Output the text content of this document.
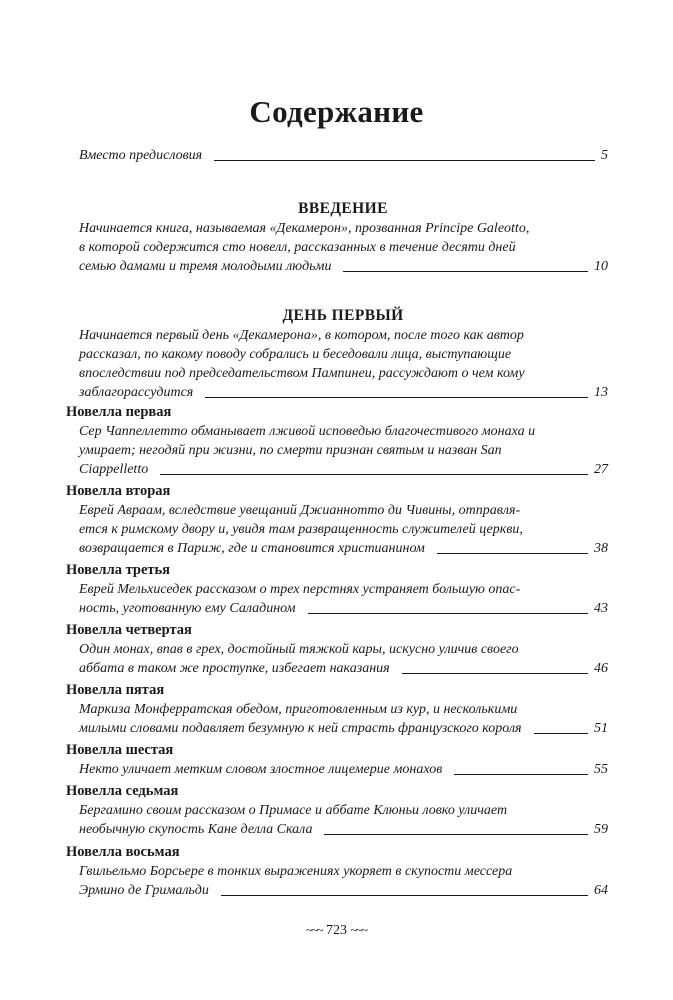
Содержание
Вместо предисловия	5
ВВЕДЕНИЕ
Начинается книга, называемая «Декамерон», прозванная Principe Galeotto,
в которой содержится сто новелл, рассказанных в течение десяти дней
семью дамами и тремя молодыми людьми	10
ДЕНЬ ПЕРВЫЙ
Начинается первый день «Декамерона», в котором, после того как автор
рассказал, по какому поводу собрались и беседовали лица, выступающие
впоследствии под председательством Пампинеи, рассуждают о чем кому
заблагорассудится	13
Новелла первая
Сер Чаппеллетто обманывает лживой исповедью благочестивого монаха и
умирает; негодяй при жизни, по смерти признан святым и назван San
Ciappelletto	27
Новелла вторая
Еврей Авраам, вследствие увещаний Джианнотто ди Чивины, отправля-
ется к римскому двору и, увидя там развращенность служителей церкви,
возвращается в Париж, где и становится христианином	38
Новелла третья
Еврей Мельхиседек рассказом о трех перстнях устраняет большую опас-
ность, уготованную ему Саладином	43
Новелла четвертая
Один монах, впав в грех, достойный тяжкой кары, искусно уличив своего
аббата в таком же проступке, избегает наказания	46
Новелла пятая
Маркиза Монферратская обедом, приготовленным из кур, и несколькими
милыми словами подавляет безумную к ней страсть французского короля	51
Новелла шестая
Некто уличает метким словом злостное лицемерие монахов	55
Новелла седьмая
Бергамино своим рассказом о Примасе и аббате Клюньи ловко уличает
необычную скупость Кане делла Скала	59
Новелла восьмая
Гвильельмо Борсьере в тонких выражениях укоряет в скупости мессера
Эрмино де Гримальди	64
~~~ 723 ~~~
